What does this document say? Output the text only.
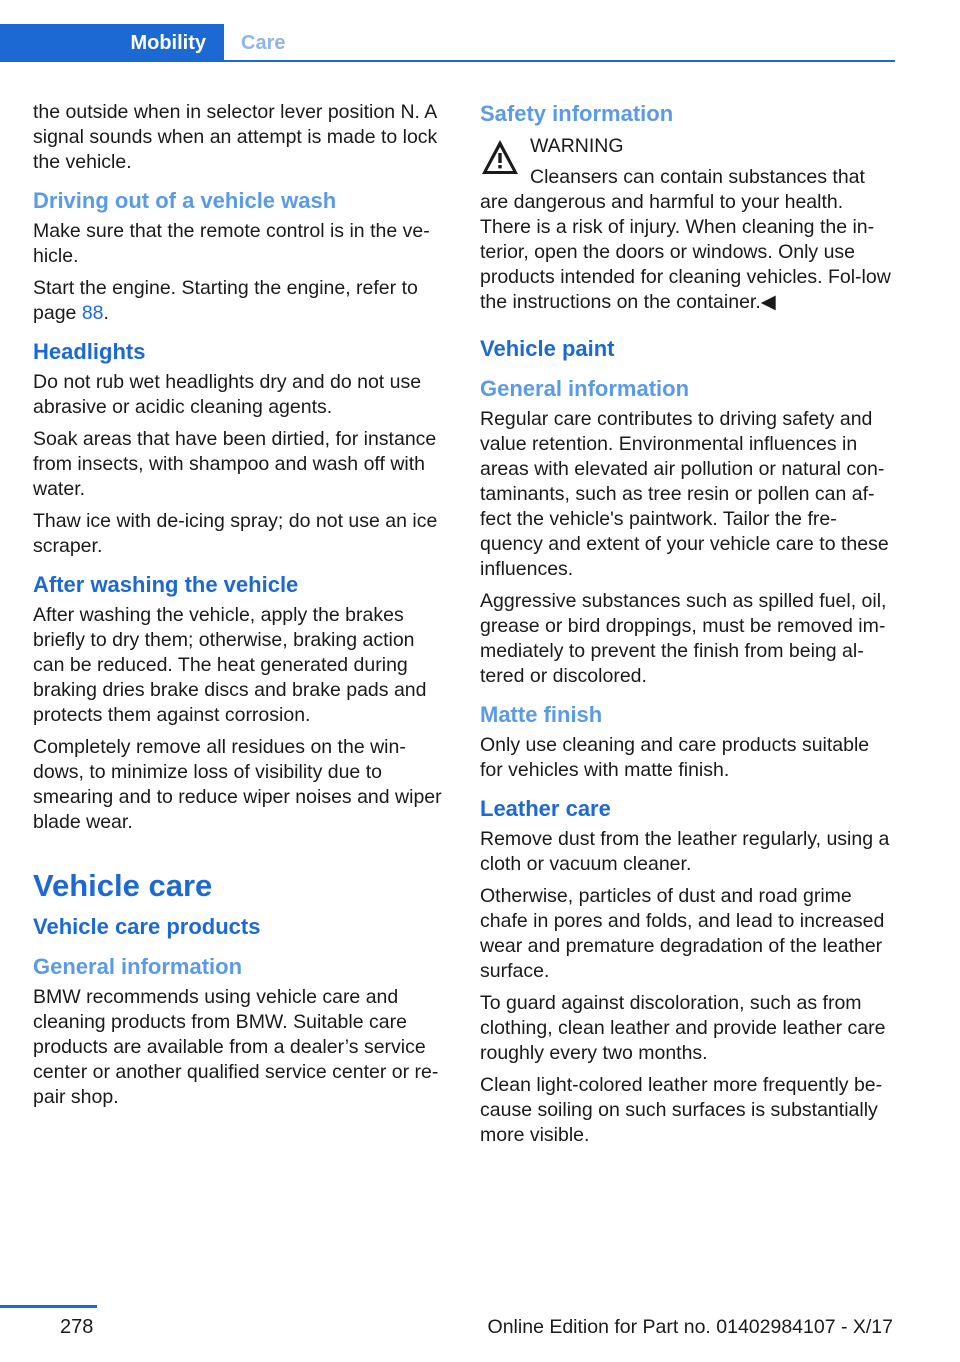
Mobility	Care

the outside when in selector lever position N. A signal sounds when an attempt is made to lock the vehicle.

Driving out of a vehicle wash

Make sure that the remote control is in the ve‐hicle.

Start the engine. Starting the engine, refer to page 88.

Headlights

Do not rub wet headlights dry and do not use abrasive or acidic cleaning agents.

Soak areas that have been dirtied, for instance from insects, with shampoo and wash off with water.

Thaw ice with de-icing spray; do not use an ice scraper.

After washing the vehicle

After washing the vehicle, apply the brakes briefly to dry them; otherwise, braking action can be reduced. The heat generated during braking dries brake discs and brake pads and protects them against corrosion.

Completely remove all residues on the win‐dows, to minimize loss of visibility due to smearing and to reduce wiper noises and wiper blade wear.

Vehicle care
Vehicle care products
General information

BMW recommends using vehicle care and cleaning products from BMW. Suitable care products are available from a dealer’s service center or another qualified service center or re‐pair shop.

Safety information

WARNING

Cleansers can contain substances that

are dangerous and harmful to your health. There is a risk of injury. When cleaning the in‐terior, open the doors or windows. Only use products intended for cleaning vehicles. Fol‐low the instructions on the container.◀

Vehicle paint
General information

Regular care contributes to driving safety and value retention. Environmental influences in areas with elevated air pollution or natural con‐taminants, such as tree resin or pollen can af‐fect the vehicle's paintwork. Tailor the fre‐quency and extent of your vehicle care to these influences.

Aggressive substances such as spilled fuel, oil, grease or bird droppings, must be removed im‐mediately to prevent the finish from being al‐tered or discolored.

Matte finish

Only use cleaning and care products suitable for vehicles with matte finish.

Leather care

Remove dust from the leather regularly, using a cloth or vacuum cleaner.

Otherwise, particles of dust and road grime chafe in pores and folds, and lead to increased wear and premature degradation of the leather surface.

To guard against discoloration, such as from clothing, clean leather and provide leather care roughly every two months.

Clean light-colored leather more frequently be‐cause soiling on such surfaces is substantially more visible.

278	Online Edition for Part no. 01402984107 - X/17
